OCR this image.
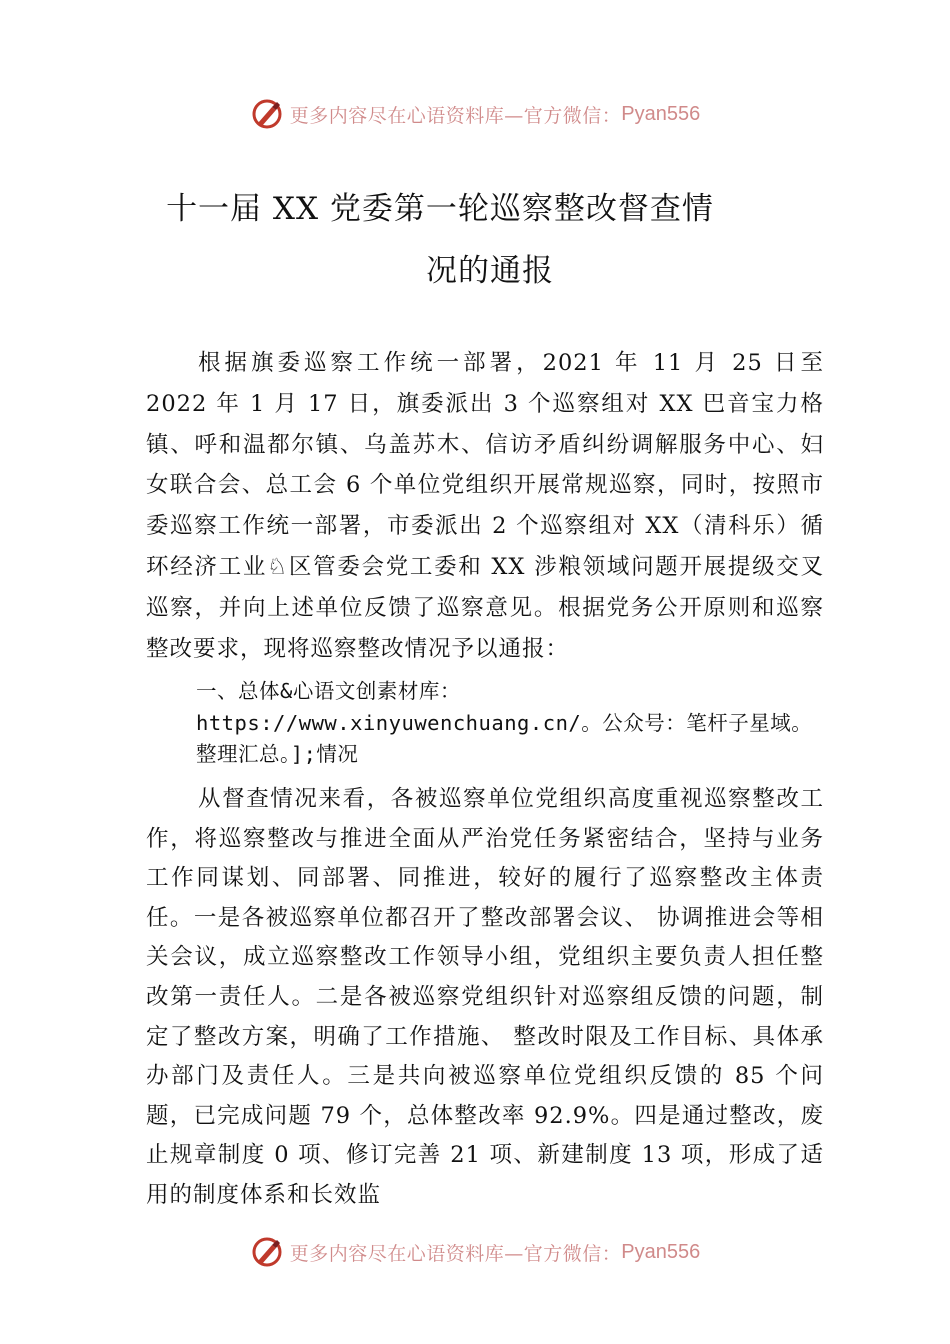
更多内容尽在心语资料库—官方微信： Pyan556
十一届 XX 党委第一轮巡察整改督查情
况的通报
根据旗委巡察工作统一部署，2021 年 11 月 25 日至 2022 年 1 月 17 日，旗委派出 3 个巡察组对 XX 巴音宝力格镇、呼和温都尔镇、乌盖苏木、信访矛盾纠纷调解服务中心、妇女联合会、总工会 6 个单位党组织开展常规巡察，同时，按照市委巡察工作统一部署，市委派出 2 个巡察组对 XX（清科乐）循环经济工业♘区管委会党工委和 XX 涉粮领域问题开展提级交叉巡察，并向上述单位反馈了巡察意见。根据党务公开原则和巡察整改要求，现将巡察整改情况予以通报：
一、总体&心语文创素材库：https://www.xinyuwenchuang.cn/。公众号：笔杆子星域。整理汇总。];情况
从督查情况来看，各被巡察单位党组织高度重视巡察整改工作，将巡察整改与推进全面从严治党任务紧密结合，坚持与业务工作同谋划、同部署、同推进，较好的履行了巡察整改主体责任。一是各被巡察单位都召开了整改部署会议、 协调推进会等相关会议，成立巡察整改工作领导小组，党组织主要负责人担任整改第一责任人。二是各被巡察党组织针对巡察组反馈的问题，制定了整改方案，明确了工作措施、 整改时限及工作目标、具体承办部门及责任人。三是共向被巡察单位党组织反馈的 85 个问题，已完成问题 79 个，总体整改率 92.9%。四是通过整改，废止规章制度 0 项、修订完善 21 项、新建制度 13 项，形成了适用的制度体系和长效监
更多内容尽在心语资料库—官方微信： Pyan556
